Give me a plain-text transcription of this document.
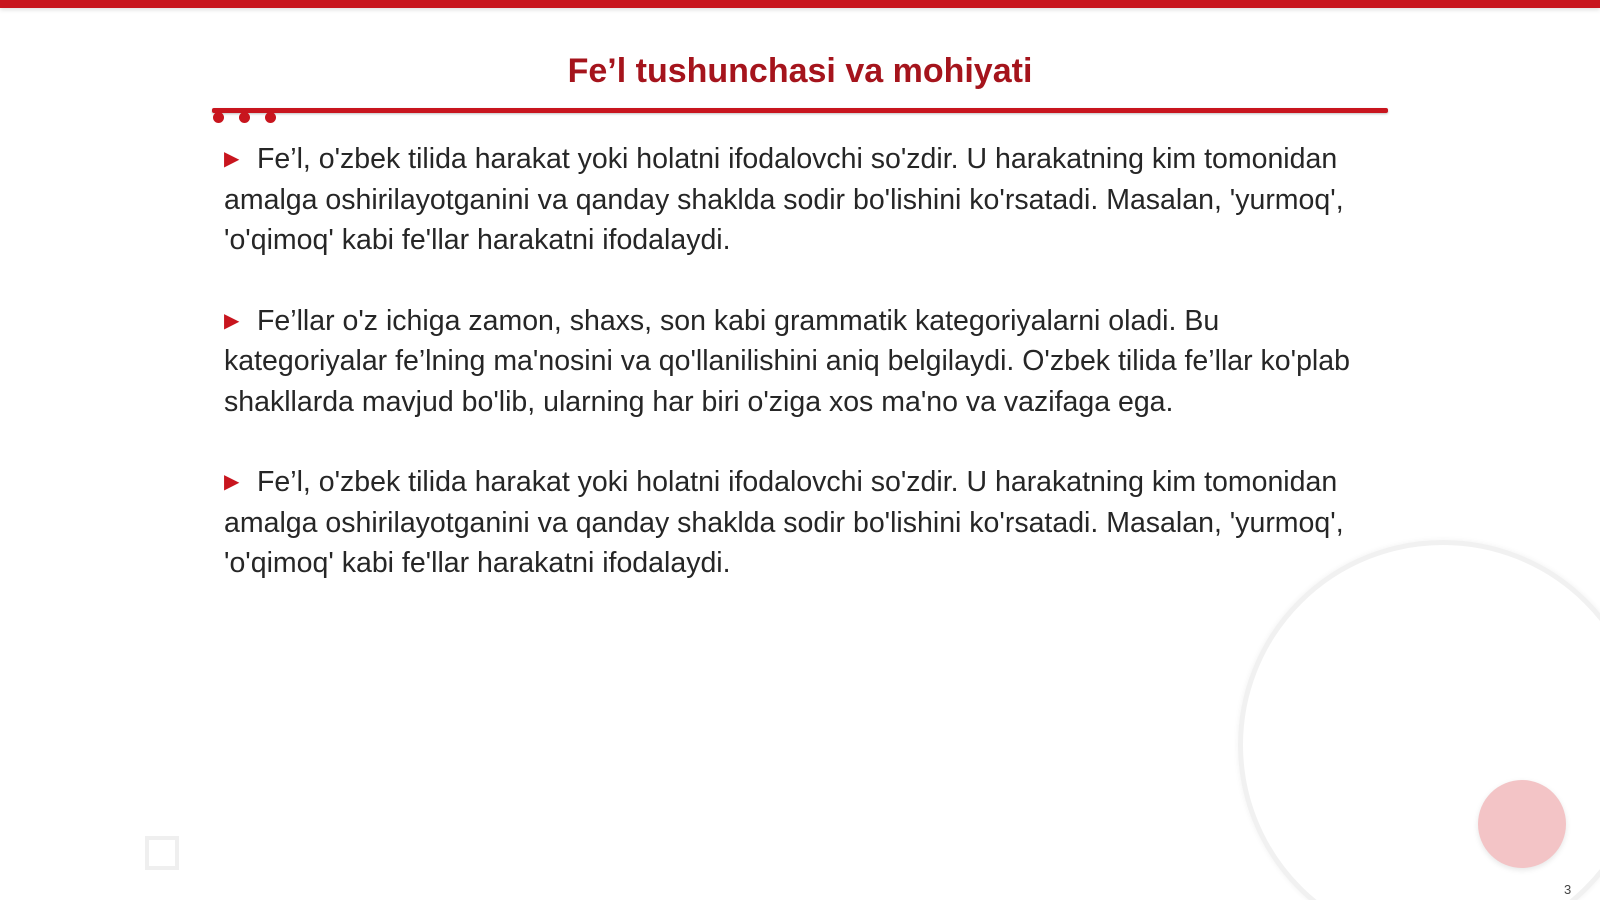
Fe’l tushunchasi va mohiyati

▶ Fe’l, o'zbek tilida harakat yoki holatni ifodalovchi so'zdir. U harakatning kim tomonidan amalga oshirilayotganini va qanday shaklda sodir bo'lishini ko'rsatadi. Masalan, 'yurmoq', 'o'qimoq' kabi fe'llar harakatni ifodalaydi.

▶ Fe’llar o'z ichiga zamon, shaxs, son kabi grammatik kategoriyalarni oladi. Bu kategoriyalar fe’lning ma'nosini va qo'llanilishini aniq belgilaydi. O'zbek tilida fe’llar ko'plab shakllarda mavjud bo'lib, ularning har biri o'ziga xos ma'no va vazifaga ega.

▶ Fe’l, o'zbek tilida harakat yoki holatni ifodalovchi so'zdir. U harakatning kim tomonidan amalga oshirilayotganini va qanday shaklda sodir bo'lishini ko'rsatadi. Masalan, 'yurmoq', 'o'qimoq' kabi fe'llar harakatni ifodalaydi.

3
